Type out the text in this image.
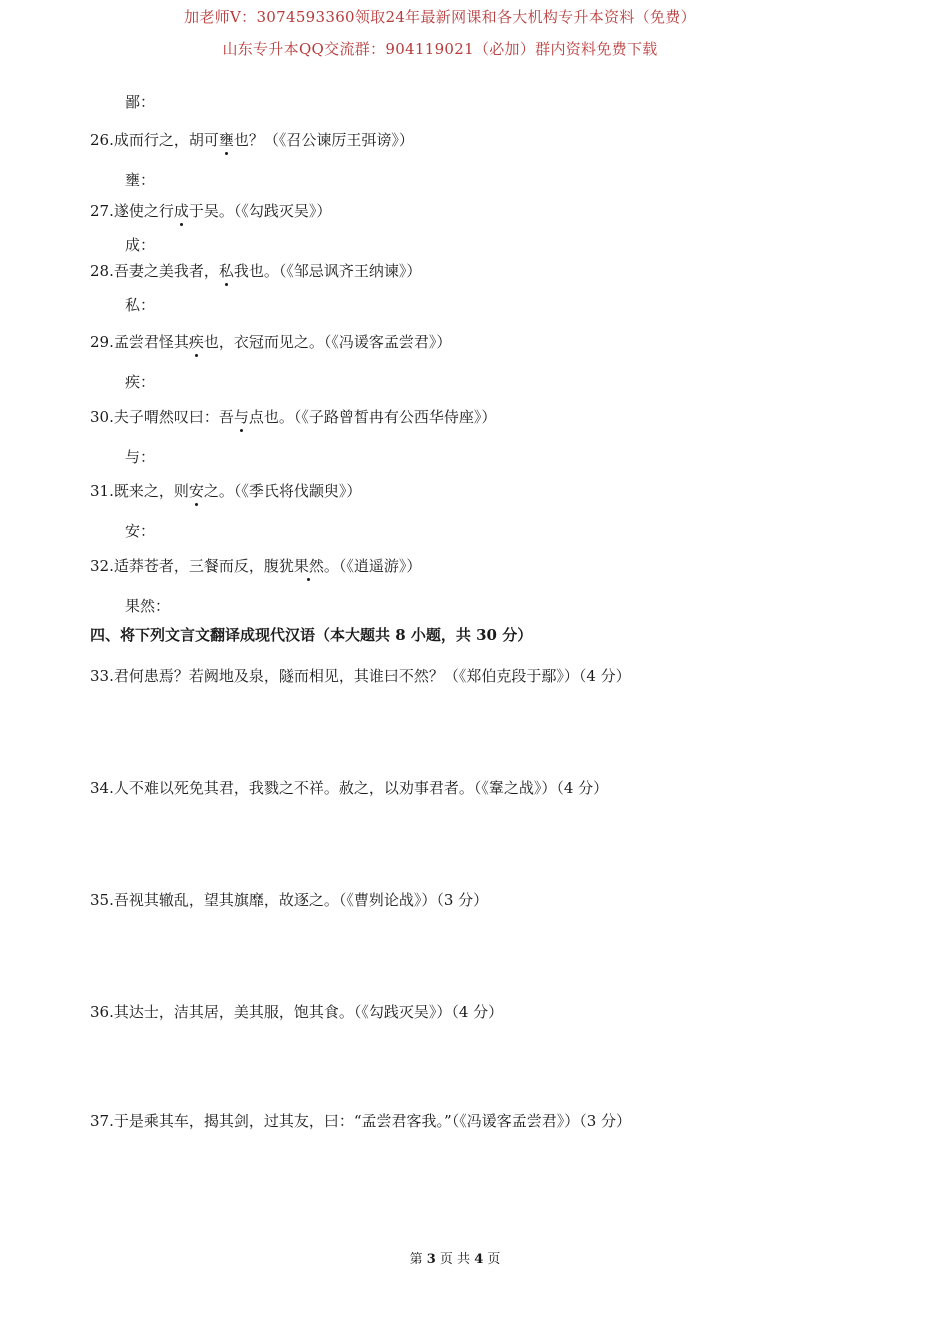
加老师V：3074593360领取24年最新网课和各大机构专升本资料（免费）
山东专升本QQ交流群：904119021（必加）群内资料免费下载
鄙：
26.成而行之，胡可壅也？（《召公谏厉王弭谤》）
壅：
27.遂使之行成于吴。（《勾践灭吴》）
成：
28.吾妻之美我者，私我也。（《邹忌讽齐王纳谏》）
私：
29.孟尝君怪其疾也，衣冠而见之。（《冯谖客孟尝君》）
疾：
30.夫子喟然叹曰：吾与点也。（《子路曾皙冉有公西华侍座》）
与：
31.既来之，则安之。（《季氏将伐颛臾》）
安：
32.适莽苍者，三餐而反，腹犹果然。（《逍遥游》）
果然：
四、将下列文言文翻译成现代汉语（本大题共 8 小题，共 30 分）
33.君何患焉？若阙地及泉，隧而相见，其谁曰不然？（《郑伯克段于鄢》）（4 分）
34.人不难以死免其君，我戮之不祥。赦之，以劝事君者。（《鞌之战》）（4 分）
35.吾视其辙乱，望其旗靡，故逐之。（《曹刿论战》）（3 分）
36.其达士，洁其居，美其服，饱其食。（《勾践灭吴》）（4 分）
37.于是乘其车，揭其剑，过其友，曰：“孟尝君客我。”（《冯谖客孟尝君》）（3 分）
第 3 页 共 4 页
